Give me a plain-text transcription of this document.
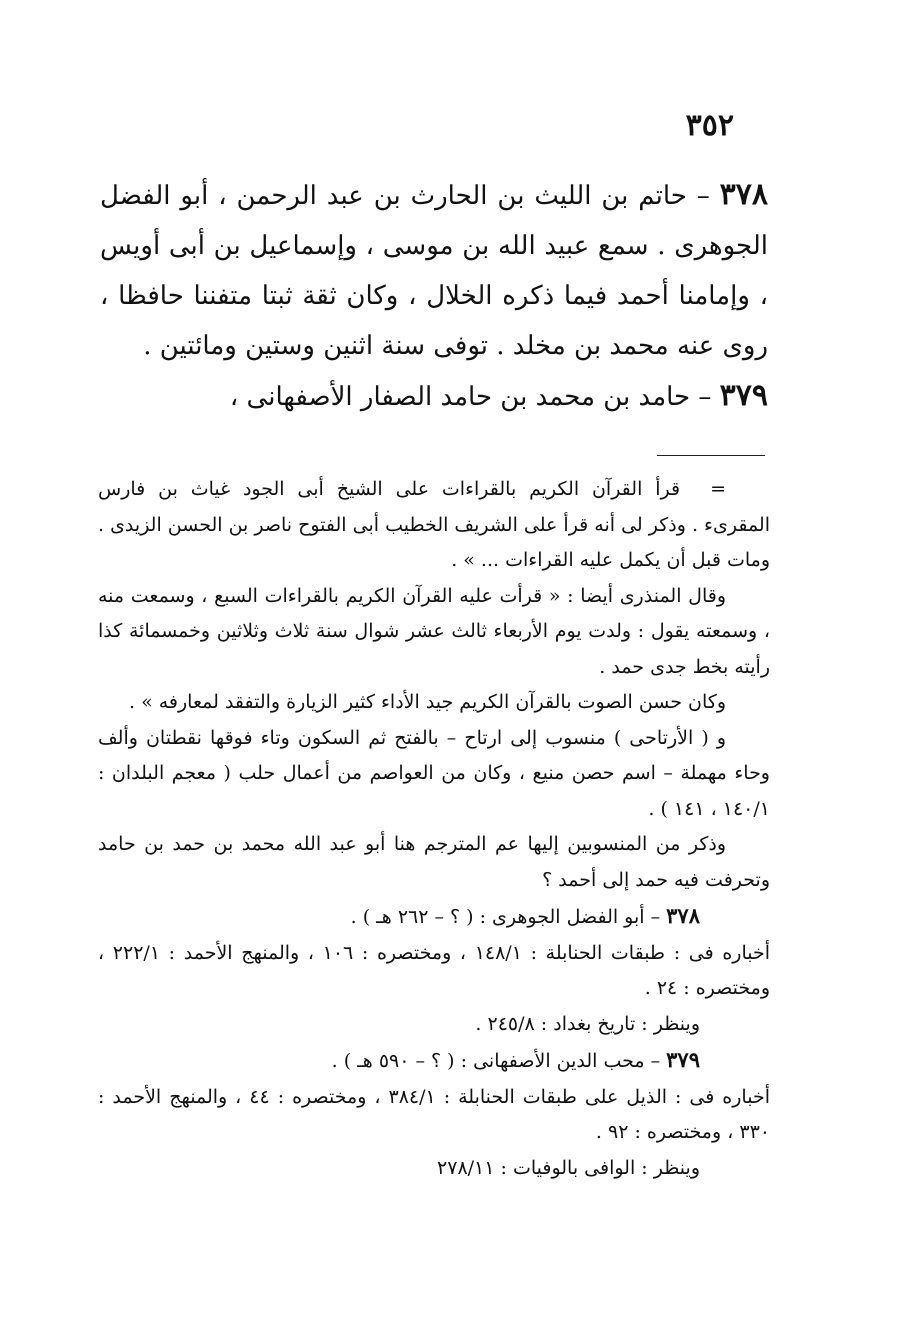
٣٥٢

٣٧٨ – حاتم بن الليث بن الحارث بن عبد الرحمن ، أبو الفضل الجوهرى . سمع عبيد الله بن موسى ، وإسماعيل بن أبى أويس ، وإمامنا أحمد فيما ذكره الخلال ، وكان ثقة ثبتا متفننا حافظا ، روى عنه محمد بن مخلد . توفى سنة اثنين وستين ومائتين .

٣٧٩ – حامد بن محمد بن حامد الصفار الأصفهانى ،

=قرأ القرآن الكريم بالقراءات على الشيخ أبى الجود غياث بن فارس المقرىء . وذكر لى أنه قرأ على الشريف الخطيب أبى الفتوح ناصر بن الحسن الزيدى . ومات قبل أن يكمل عليه القراءات ... » .

وقال المنذرى أيضا : « قرأت عليه القرآن الكريم بالقراءات السبع ، وسمعت منه ، وسمعته يقول : ولدت يوم الأربعاء ثالث عشر شوال سنة ثلاث وثلاثين وخمسمائة كذا رأيته بخط جدى حمد .

وكان حسن الصوت بالقرآن الكريم جيد الأداء كثير الزيارة والتفقد لمعارفه » .

و ( الأرتاحى ) منسوب إلى ارتاح – بالفتح ثم السكون وتاء فوقها نقطتان وألف وحاء مهملة – اسم حصن منيع ، وكان من العواصم من أعمال حلب ( معجم البلدان : ١٤٠/١ ، ١٤١ ) .

وذكر من المنسوبين إليها عم المترجم هنا أبو عبد الله محمد بن حمد بن حامد وتحرفت فيه حمد إلى أحمد ؟

٣٧٨ – أبو الفضل الجوهرى : ( ؟ – ٢٦٢ هـ ) .

أخباره فى : طبقات الحنابلة : ١٤٨/١ ، ومختصره : ١٠٦ ، والمنهج الأحمد : ٢٢٢/١ ، ومختصره : ٢٤ .

وينظر : تاريخ بغداد : ٢٤٥/٨ .

٣٧٩ – محب الدين الأصفهانى : ( ؟ – ٥٩٠ هـ ) .

أخباره فى : الذيل على طبقات الحنابلة : ٣٨٤/١ ، ومختصره : ٤٤ ، والمنهج الأحمد : ٣٣٠ ، ومختصره : ٩٢ .

وينظر : الوافى بالوفيات : ٢٧٨/١١
